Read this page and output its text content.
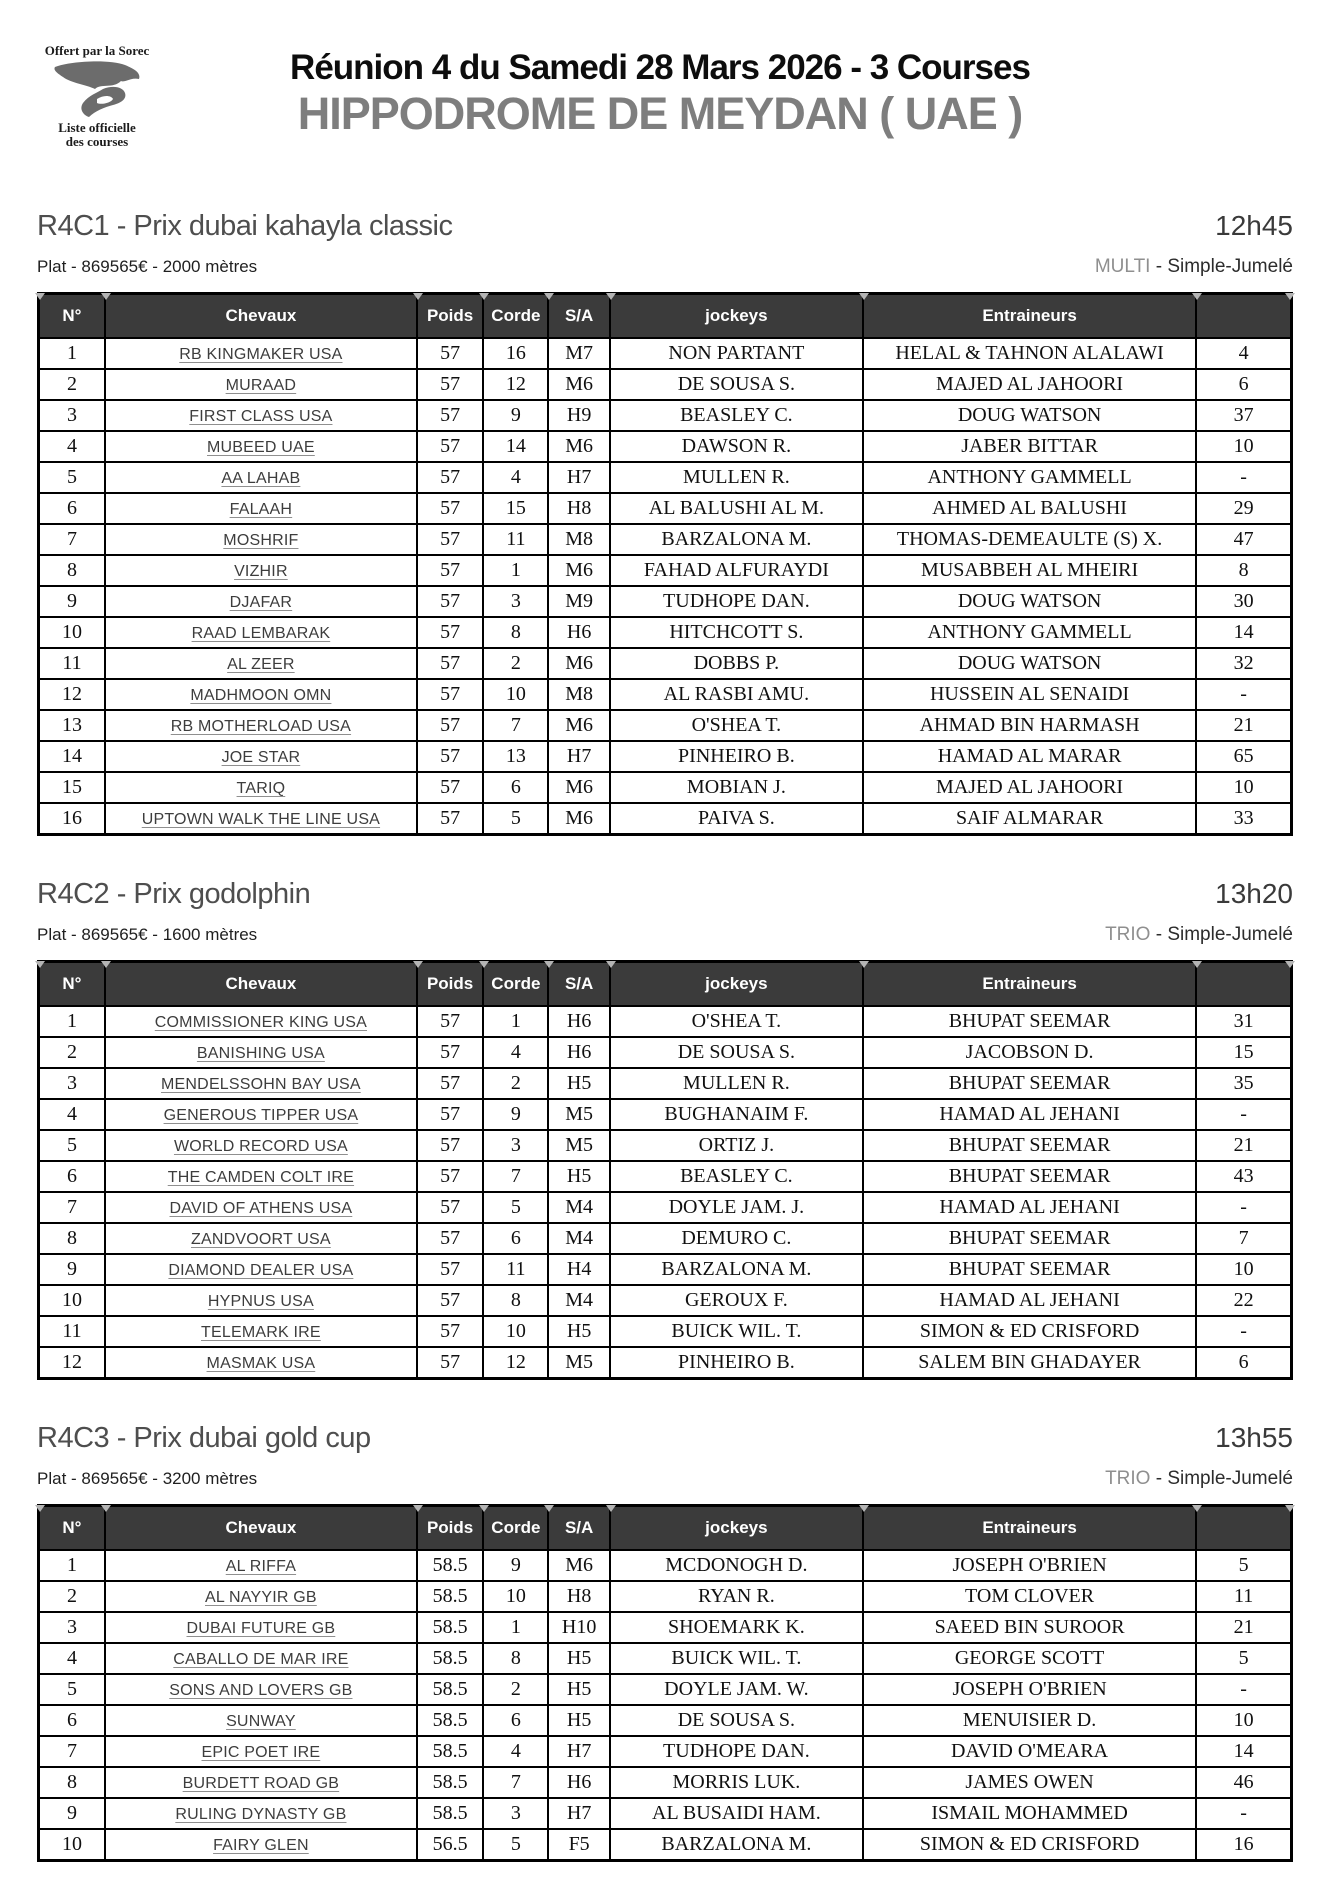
Offert par la Sorec
Liste officielle
des courses
Réunion 4 du Samedi 28 Mars 2026 - 3 Courses
HIPPODROME DE MEYDAN ( UAE )
R4C1 - Prix dubai kahayla classic	12h45
Plat - 869565€ - 2000 mètres	MULTI - Simple-Jumelé
N°	Chevaux	Poids	Corde	S/A	jockeys	Entraineurs	
1	RB KINGMAKER USA	57	16	M7	NON PARTANT	HELAL & TAHNON ALALAWI	4
2	MURAAD	57	12	M6	DE SOUSA S.	MAJED AL JAHOORI	6
3	FIRST CLASS USA	57	9	H9	BEASLEY C.	DOUG WATSON	37
4	MUBEED UAE	57	14	M6	DAWSON R.	JABER BITTAR	10
5	AA LAHAB	57	4	H7	MULLEN R.	ANTHONY GAMMELL	-
6	FALAAH	57	15	H8	AL BALUSHI AL M.	AHMED AL BALUSHI	29
7	MOSHRIF	57	11	M8	BARZALONA M.	THOMAS-DEMEAULTE (S) X.	47
8	VIZHIR	57	1	M6	FAHAD ALFURAYDI	MUSABBEH AL MHEIRI	8
9	DJAFAR	57	3	M9	TUDHOPE DAN.	DOUG WATSON	30
10	RAAD LEMBARAK	57	8	H6	HITCHCOTT S.	ANTHONY GAMMELL	14
11	AL ZEER	57	2	M6	DOBBS P.	DOUG WATSON	32
12	MADHMOON OMN	57	10	M8	AL RASBI AMU.	HUSSEIN AL SENAIDI	-
13	RB MOTHERLOAD USA	57	7	M6	O'SHEA T.	AHMAD BIN HARMASH	21
14	JOE STAR	57	13	H7	PINHEIRO B.	HAMAD AL MARAR	65
15	TARIQ	57	6	M6	MOBIAN J.	MAJED AL JAHOORI	10
16	UPTOWN WALK THE LINE USA	57	5	M6	PAIVA S.	SAIF ALMARAR	33
R4C2 - Prix godolphin	13h20
Plat - 869565€ - 1600 mètres	TRIO - Simple-Jumelé
N°	Chevaux	Poids	Corde	S/A	jockeys	Entraineurs	
1	COMMISSIONER KING USA	57	1	H6	O'SHEA T.	BHUPAT SEEMAR	31
2	BANISHING USA	57	4	H6	DE SOUSA S.	JACOBSON D.	15
3	MENDELSSOHN BAY USA	57	2	H5	MULLEN R.	BHUPAT SEEMAR	35
4	GENEROUS TIPPER USA	57	9	M5	BUGHANAIM F.	HAMAD AL JEHANI	-
5	WORLD RECORD USA	57	3	M5	ORTIZ J.	BHUPAT SEEMAR	21
6	THE CAMDEN COLT IRE	57	7	H5	BEASLEY C.	BHUPAT SEEMAR	43
7	DAVID OF ATHENS USA	57	5	M4	DOYLE JAM. J.	HAMAD AL JEHANI	-
8	ZANDVOORT USA	57	6	M4	DEMURO C.	BHUPAT SEEMAR	7
9	DIAMOND DEALER USA	57	11	H4	BARZALONA M.	BHUPAT SEEMAR	10
10	HYPNUS USA	57	8	M4	GEROUX F.	HAMAD AL JEHANI	22
11	TELEMARK IRE	57	10	H5	BUICK WIL. T.	SIMON & ED CRISFORD	-
12	MASMAK USA	57	12	M5	PINHEIRO B.	SALEM BIN GHADAYER	6
R4C3 - Prix dubai gold cup	13h55
Plat - 869565€ - 3200 mètres	TRIO - Simple-Jumelé
N°	Chevaux	Poids	Corde	S/A	jockeys	Entraineurs	
1	AL RIFFA	58.5	9	M6	MCDONOGH D.	JOSEPH O'BRIEN	5
2	AL NAYYIR GB	58.5	10	H8	RYAN R.	TOM CLOVER	11
3	DUBAI FUTURE GB	58.5	1	H10	SHOEMARK K.	SAEED BIN SUROOR	21
4	CABALLO DE MAR IRE	58.5	8	H5	BUICK WIL. T.	GEORGE SCOTT	5
5	SONS AND LOVERS GB	58.5	2	H5	DOYLE JAM. W.	JOSEPH O'BRIEN	-
6	SUNWAY	58.5	6	H5	DE SOUSA S.	MENUISIER D.	10
7	EPIC POET IRE	58.5	4	H7	TUDHOPE DAN.	DAVID O'MEARA	14
8	BURDETT ROAD GB	58.5	7	H6	MORRIS LUK.	JAMES OWEN	46
9	RULING DYNASTY GB	58.5	3	H7	AL BUSAIDI HAM.	ISMAIL MOHAMMED	-
10	FAIRY GLEN	56.5	5	F5	BARZALONA M.	SIMON & ED CRISFORD	16
